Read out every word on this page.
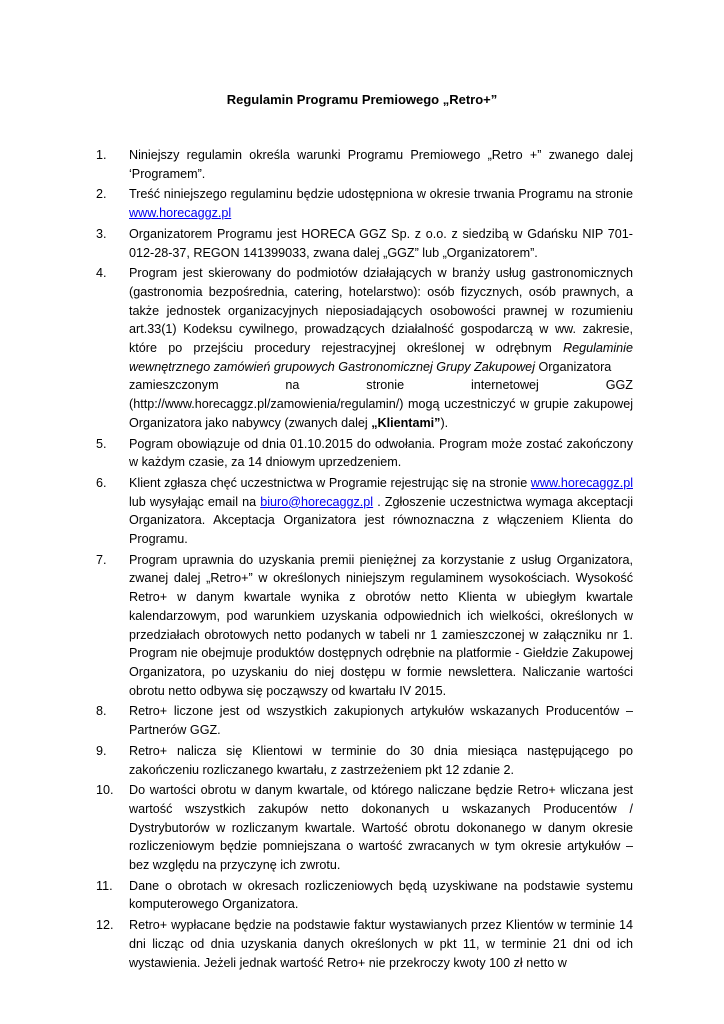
Regulamin Programu Premiowego „Retro+”
1.	Niniejszy regulamin określa warunki Programu Premiowego „Retro +” zwanego dalej ‘Programem”.
2.	Treść niniejszego regulaminu będzie udostępniona w okresie trwania Programu na stronie www.horecaggz.pl
3.	Organizatorem Programu jest HORECA GGZ Sp. z o.o. z siedzibą w Gdańsku NIP 701-012-28-37, REGON 141399033, zwana dalej „GGZ” lub „Organizatorem”.
4.	Program jest skierowany do podmiotów działających w branży usług gastronomicznych (gastronomia bezpośrednia, catering, hotelarstwo): osób fizycznych, osób prawnych, a także jednostek organizacyjnych nieposiadających osobowości prawnej w rozumieniu art.33(1) Kodeksu cywilnego, prowadzących działalność gospodarczą w ww. zakresie, które po przejściu procedury rejestracyjnej określonej w odrębnym Regulaminie wewnętrznego zamówień grupowych Gastronomicznej Grupy Zakupowej Organizatora
zamieszczonym	na	stronie	internetowej	GGZ
(http://www.horecaggz.pl/zamowienia/regulamin/) mogą uczestniczyć w grupie zakupowej Organizatora jako nabywcy (zwanych dalej „Klientami”).
5.	Pogram obowiązuje od dnia 01.10.2015 do odwołania. Program może zostać zakończony w każdym czasie, za 14 dniowym uprzedzeniem.
6.	Klient zgłasza chęć uczestnictwa w Programie rejestrując się na stronie www.horecaggz.pl lub wysyłając email na biuro@horecaggz.pl . Zgłoszenie uczestnictwa wymaga akceptacji Organizatora. Akceptacja Organizatora jest równoznaczna z włączeniem Klienta do Programu.
7.	Program uprawnia do uzyskania premii pieniężnej za korzystanie z usług Organizatora, zwanej dalej „Retro+” w określonych niniejszym regulaminem wysokościach. Wysokość Retro+ w danym kwartale wynika z obrotów netto Klienta w ubiegłym kwartale kalendarzowym, pod warunkiem uzyskania odpowiednich ich wielkości, określonych w przedziałach obrotowych netto podanych w tabeli nr 1 zamieszczonej w załączniku nr 1. Program nie obejmuje produktów dostępnych odrębnie na platformie - Giełdzie Zakupowej Organizatora, po uzyskaniu do niej dostępu w formie newslettera. Naliczanie wartości obrotu netto odbywa się począwszy od kwartału IV 2015.
8.	Retro+ liczone jest od wszystkich zakupionych artykułów wskazanych Producentów – Partnerów GGZ.
9.	Retro+ nalicza się Klientowi w terminie do 30 dnia miesiąca następującego po zakończeniu rozliczanego kwartału, z zastrzeżeniem pkt 12 zdanie 2.
10.	Do wartości obrotu w danym kwartale, od którego naliczane będzie Retro+ wliczana jest wartość wszystkich zakupów netto dokonanych u wskazanych Producentów / Dystrybutorów w rozliczanym kwartale. Wartość obrotu dokonanego w danym okresie rozliczeniowym będzie pomniejszana o wartość zwracanych w tym okresie artykułów – bez względu na przyczynę ich zwrotu.
11.	Dane o obrotach w okresach rozliczeniowych będą uzyskiwane na podstawie systemu komputerowego Organizatora.
12.	Retro+ wypłacane będzie na podstawie faktur wystawianych przez Klientów w terminie 14 dni licząc od dnia uzyskania danych określonych w pkt 11, w terminie 21 dni od ich wystawienia. Jeżeli jednak wartość Retro+ nie przekroczy kwoty 100 zł netto w
